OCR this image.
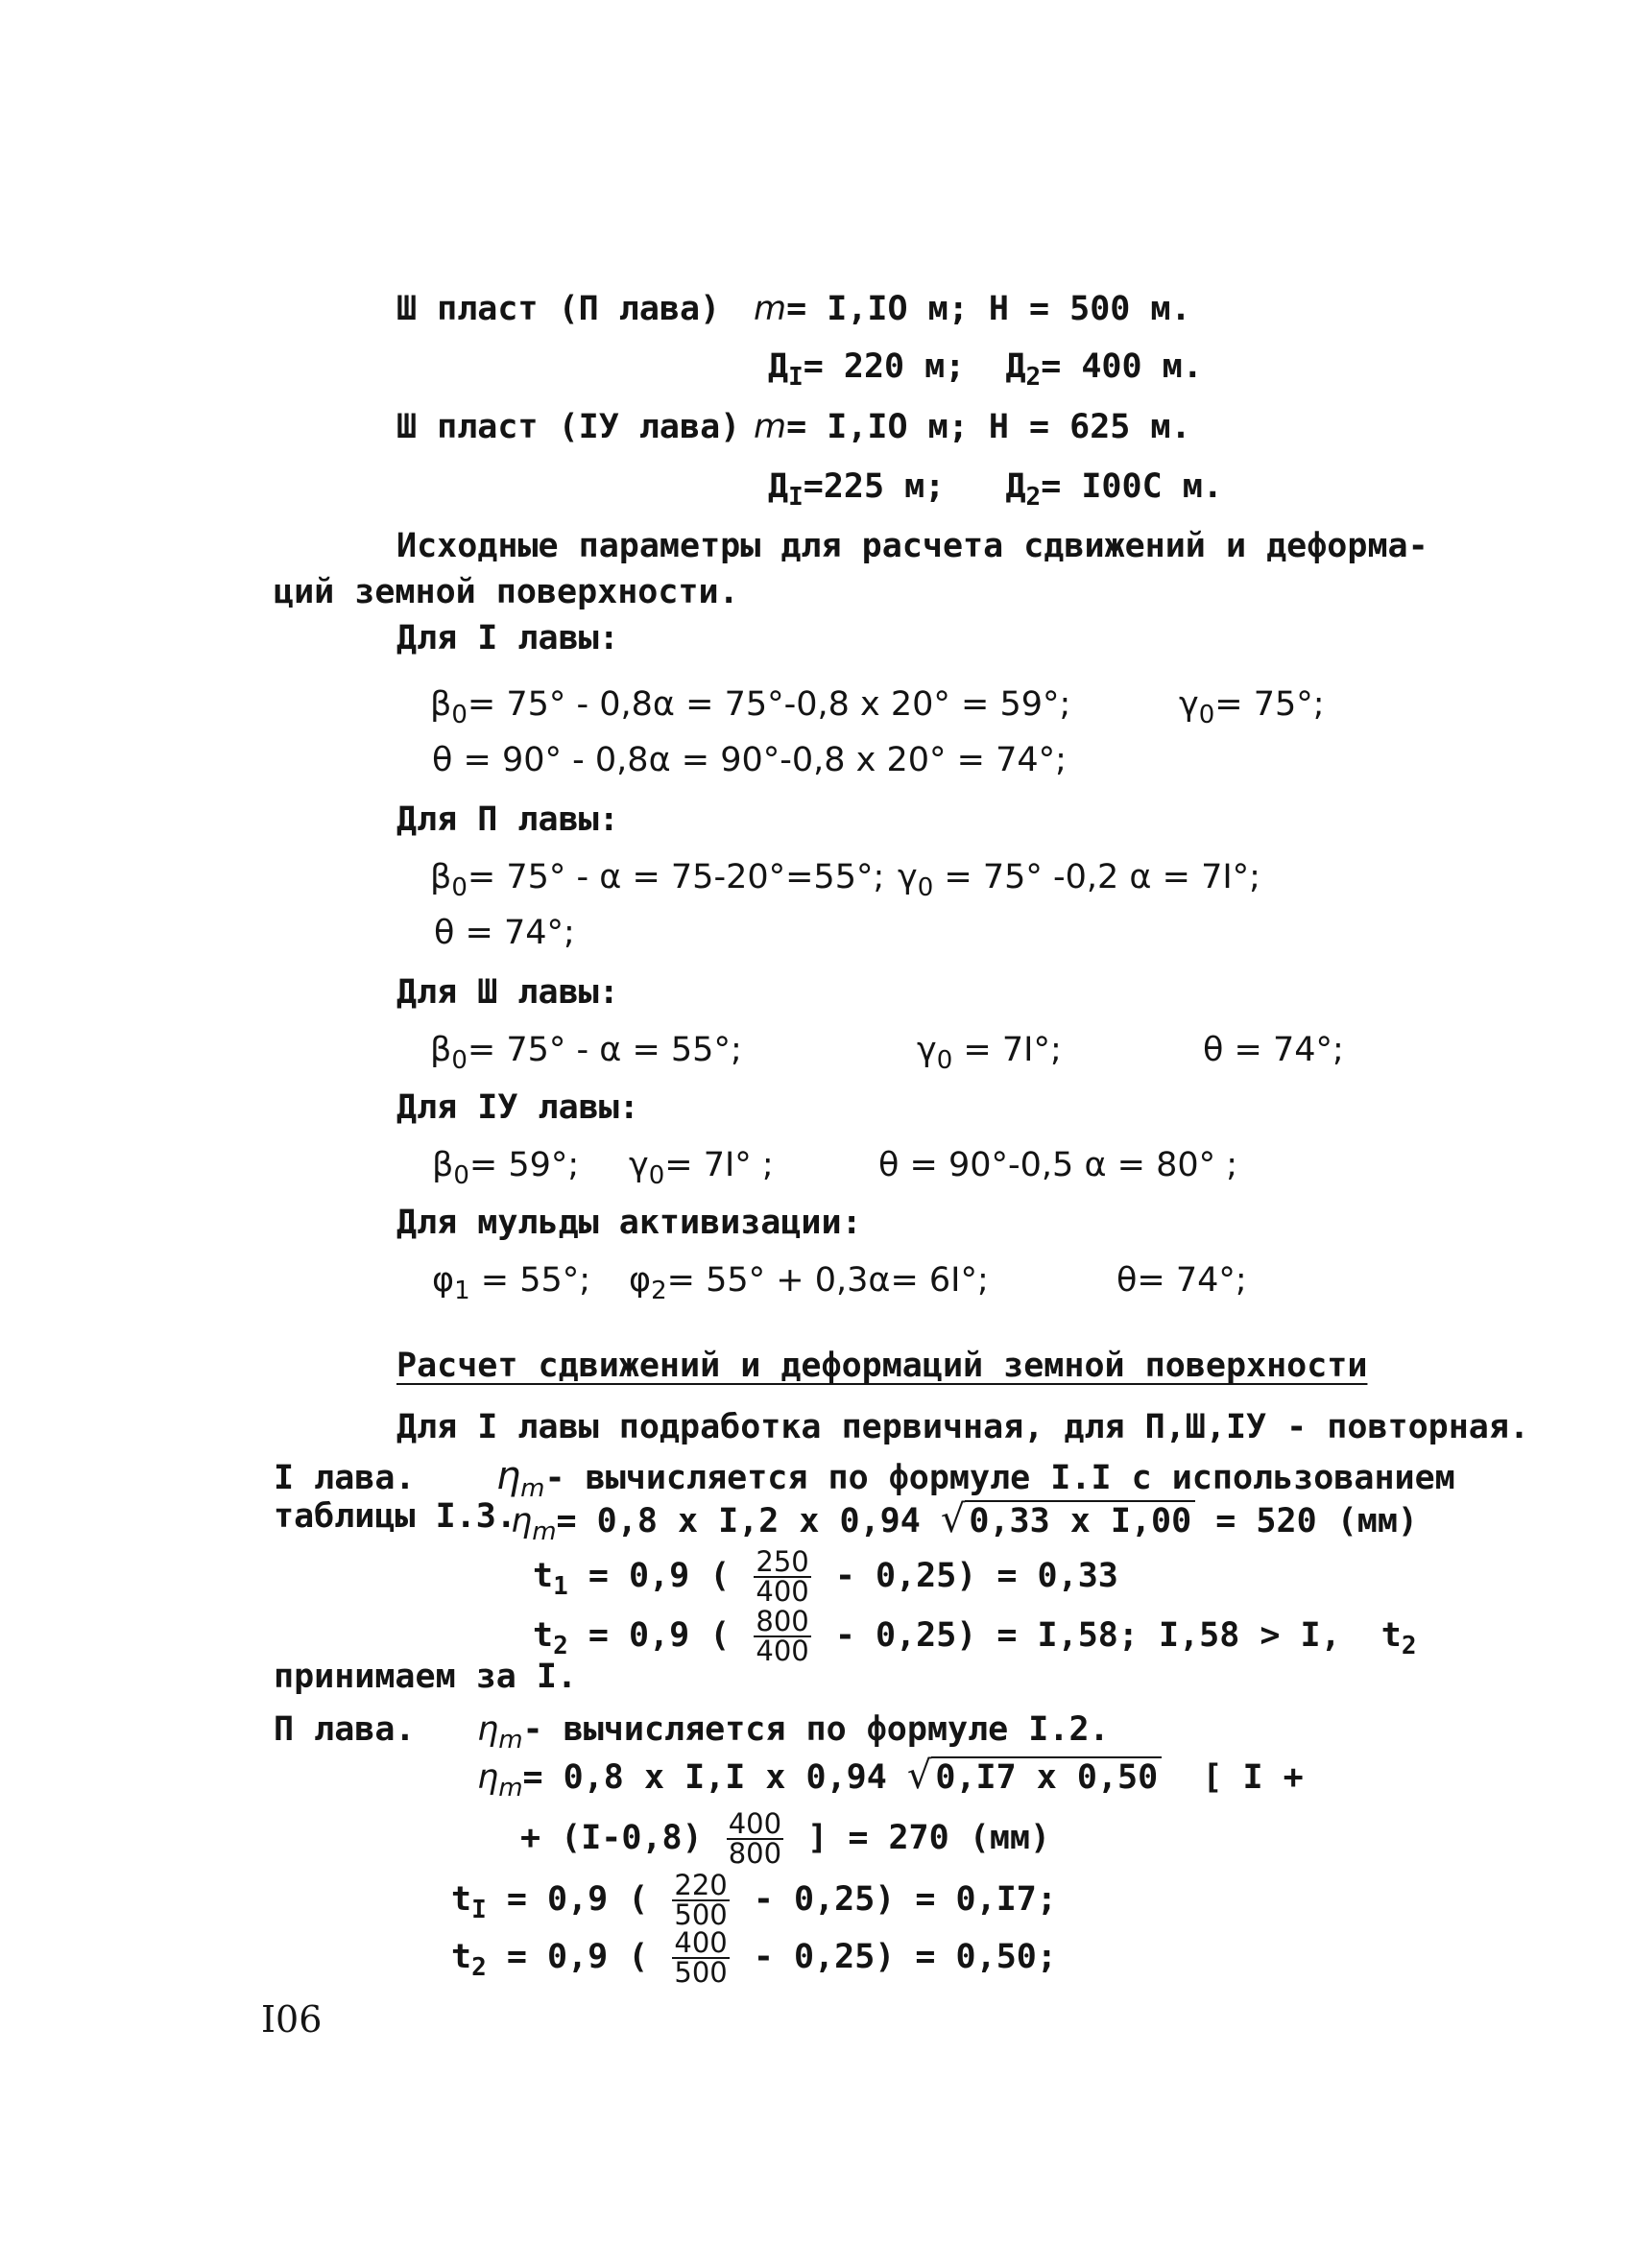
Ш пласт (П лава) m= I,IO м; H = 500 м.
$Д_I= 220$ м;  $Д_2= 400$ м.
Ш пласт (IУ лава) m= I,IO м; H = 625 м.
$Д_I=225$ м;   $Д_2= I00C$ м.
Исходные параметры для расчета сдвижений и деформа-
ций земной поверхности.
Для I лавы:
$\beta_0= 75^\circ - 0,8\alpha = 75^\circ-0,8$ x 20° = 59°;	$\gamma_0= 75^\circ$;
θ = 90° - 0,8α = 90°-0,8 x 20° = 74°;
Для П лавы:
$\beta_0= 75^\circ - \alpha = 75-20^\circ=55^\circ$; $\gamma_0 = 75^\circ$ -0,2 α = 7I°;
θ = 74°;
Для Ш лавы:
$\beta_0= 75^\circ - \alpha = 55^\circ$;	$\gamma_0 = 7I^\circ$;	θ = 74°;
Для IУ лавы:
$\beta_0= 59^\circ$; $\gamma_0= 7I^\circ$ ;	θ = 90°-0,5 α = 80° ;
Для мульды активизации:
$\varphi_1 = 55^\circ$; $\varphi_2= 55^\circ + 0,3\alpha= 6I^\circ$;	θ= 74°;
Расчет сдвижений и деформаций земной поверхности
Для I лавы подработка первичная, для П,Ш,IУ - повторная.
I лава. $\eta_m-$ вычисляется по формуле I.I с использованием
таблицы I.3.
$\eta_m= 0,8$ x I,2 x 0,94 √ 0,33 x I,00 = 520 (мм)
$t_1 = 0,9$ ( $\frac{250}{400} - 0,25) = 0,33$
$t_2 = 0,9$ ( $\frac{800}{400} - 0,25) = I,58$; I,58 > I,  $t_2$
принимаем за I.
П лава. $\eta_m-$ вычисляется по формуле I.2.
$\eta_m= 0,8$ x I,I x 0,94 √ 0,I7 x 0,50 [ I +
+ $(I-0,8) \frac{400}{800}$ ] = 270 (мм)
$t_I = 0,9$ ( $\frac{220}{500} - 0,25) = 0,I7$;
$t_2 = 0,9$ ( $\frac{400}{500} - 0,25) = 0,50$;
I06
